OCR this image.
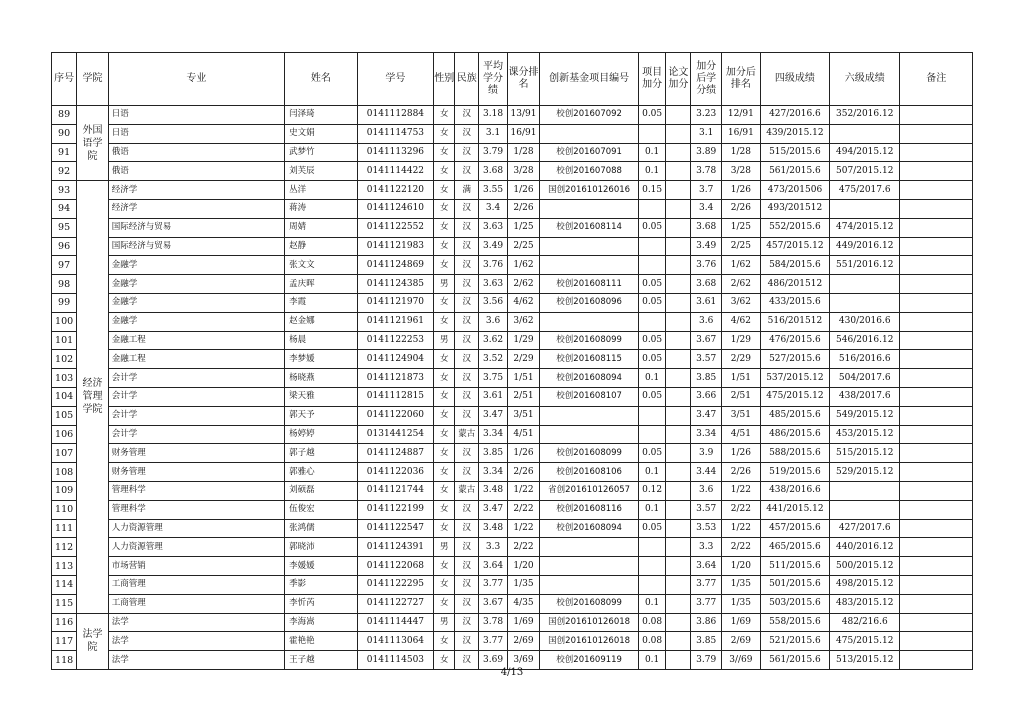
序号	学院	专业	姓名	学号	性别	民族	平均学分绩	课分排名	创新基金项目编号	项目加分	论文加分	加分后学分绩	加分后排名	四级成绩	六级成绩	备注
89	外国语学院	日语	闫泽琦	0141112884	女	汉	3.18	13/91	校创201607092	0.05		3.23	12/91	427/2016.6	352/2016.12	
90		日语	史文娟	0141114753	女	汉	3.1	16/91				3.1	16/91	439/2015.12		
91		俄语	武梦竹	0141113296	女	汉	3.79	1/28	校创201607091	0.1		3.89	1/28	515/2015.6	494/2015.12	
92		俄语	刘芙辰	0141114422	女	汉	3.68	3/28	校创201607088	0.1		3.78	3/28	561/2015.6	507/2015.12	
93	经济管理学院	经济学	丛洋	0141122120	女	满	3.55	1/26	国创201610126016	0.15		3.7	1/26	473/201506	475/2017.6	
94		经济学	蒋涛	0141124610	女	汉	3.4	2/26				3.4	2/26	493/201512		
95		国际经济与贸易	周婧	0141122552	女	汉	3.63	1/25	校创201608114	0.05		3.68	1/25	552/2015.6	474/2015.12	
96		国际经济与贸易	赵静	0141121983	女	汉	3.49	2/25				3.49	2/25	457/2015.12	449/2016.12	
97		金融学	张文文	0141124869	女	汉	3.76	1/62				3.76	1/62	584/2015.6	551/2016.12	
98		金融学	孟庆晖	0141124385	男	汉	3.63	2/62	校创201608111	0.05		3.68	2/62	486/201512		
99		金融学	李霞	0141121970	女	汉	3.56	4/62	校创201608096	0.05		3.61	3/62	433/2015.6		
100		金融学	赵金娜	0141121961	女	汉	3.6	3/62				3.6	4/62	516/201512	430/2016.6	
101		金融工程	杨晨	0141122253	男	汉	3.62	1/29	校创201608099	0.05		3.67	1/29	476/2015.6	546/2016.12	
102		金融工程	李梦媛	0141124904	女	汉	3.52	2/29	校创201608115	0.05		3.57	2/29	527/2015.6	516/2016.6	
103		会计学	杨晓燕	0141121873	女	汉	3.75	1/51	校创201608094	0.1		3.85	1/51	537/2015.12	504/2017.6	
104		会计学	梁天雅	0141112815	女	汉	3.61	2/51	校创201608107	0.05		3.66	2/51	475/2015.12	438/2017.6	
105		会计学	郭天予	0141122060	女	汉	3.47	3/51				3.47	3/51	485/2015.6	549/2015.12	
106		会计学	杨婷婷	0131441254	女	蒙古	3.34	4/51				3.34	4/51	486/2015.6	453/2015.12	
107		财务管理	郭子越	0141124887	女	汉	3.85	1/26	校创201608099	0.05		3.9	1/26	588/2015.6	515/2015.12	
108		财务管理	郭雅心	0141122036	女	汉	3.34	2/26	校创201608106	0.1		3.44	2/26	519/2015.6	529/2015.12	
109		管理科学	刘硕磊	0141121744	女	蒙古	3.48	1/22	省创201610126057	0.12		3.6	1/22	438/2016.6		
110		管理科学	伍俊宏	0141122199	女	汉	3.47	2/22	校创201608116	0.1		3.57	2/22	441/2015.12		
111		人力资源管理	张鸿儒	0141122547	女	汉	3.48	1/22	校创201608094	0.05		3.53	1/22	457/2015.6	427/2017.6	
112		人力资源管理	郭晓沛	0141124391	男	汉	3.3	2/22				3.3	2/22	465/2015.6	440/2016.12	
113		市场营销	李媛媛	0141122068	女	汉	3.64	1/20				3.64	1/20	511/2015.6	500/2015.12	
114		工商管理	季影	0141122295	女	汉	3.77	1/35				3.77	1/35	501/2015.6	498/2015.12	
115		工商管理	李忻芮	0141122727	女	汉	3.67	4/35	校创201608099	0.1		3.77	1/35	503/2015.6	483/2015.12	
116	法学院	法学	李海嵩	0141114447	男	汉	3.78	1/69	国创201610126018	0.08		3.86	1/69	558/2015.6	482/216.6	
117		法学	霍艳艳	0141113064	女	汉	3.77	2/69	国创201610126018	0.08		3.85	2/69	521/2015.6	475/2015.12	
118		法学	王子越	0141114503	女	汉	3.69	3/69	校创201609119	0.1		3.79	3//69	561/2015.6	513/2015.12	
4/13
